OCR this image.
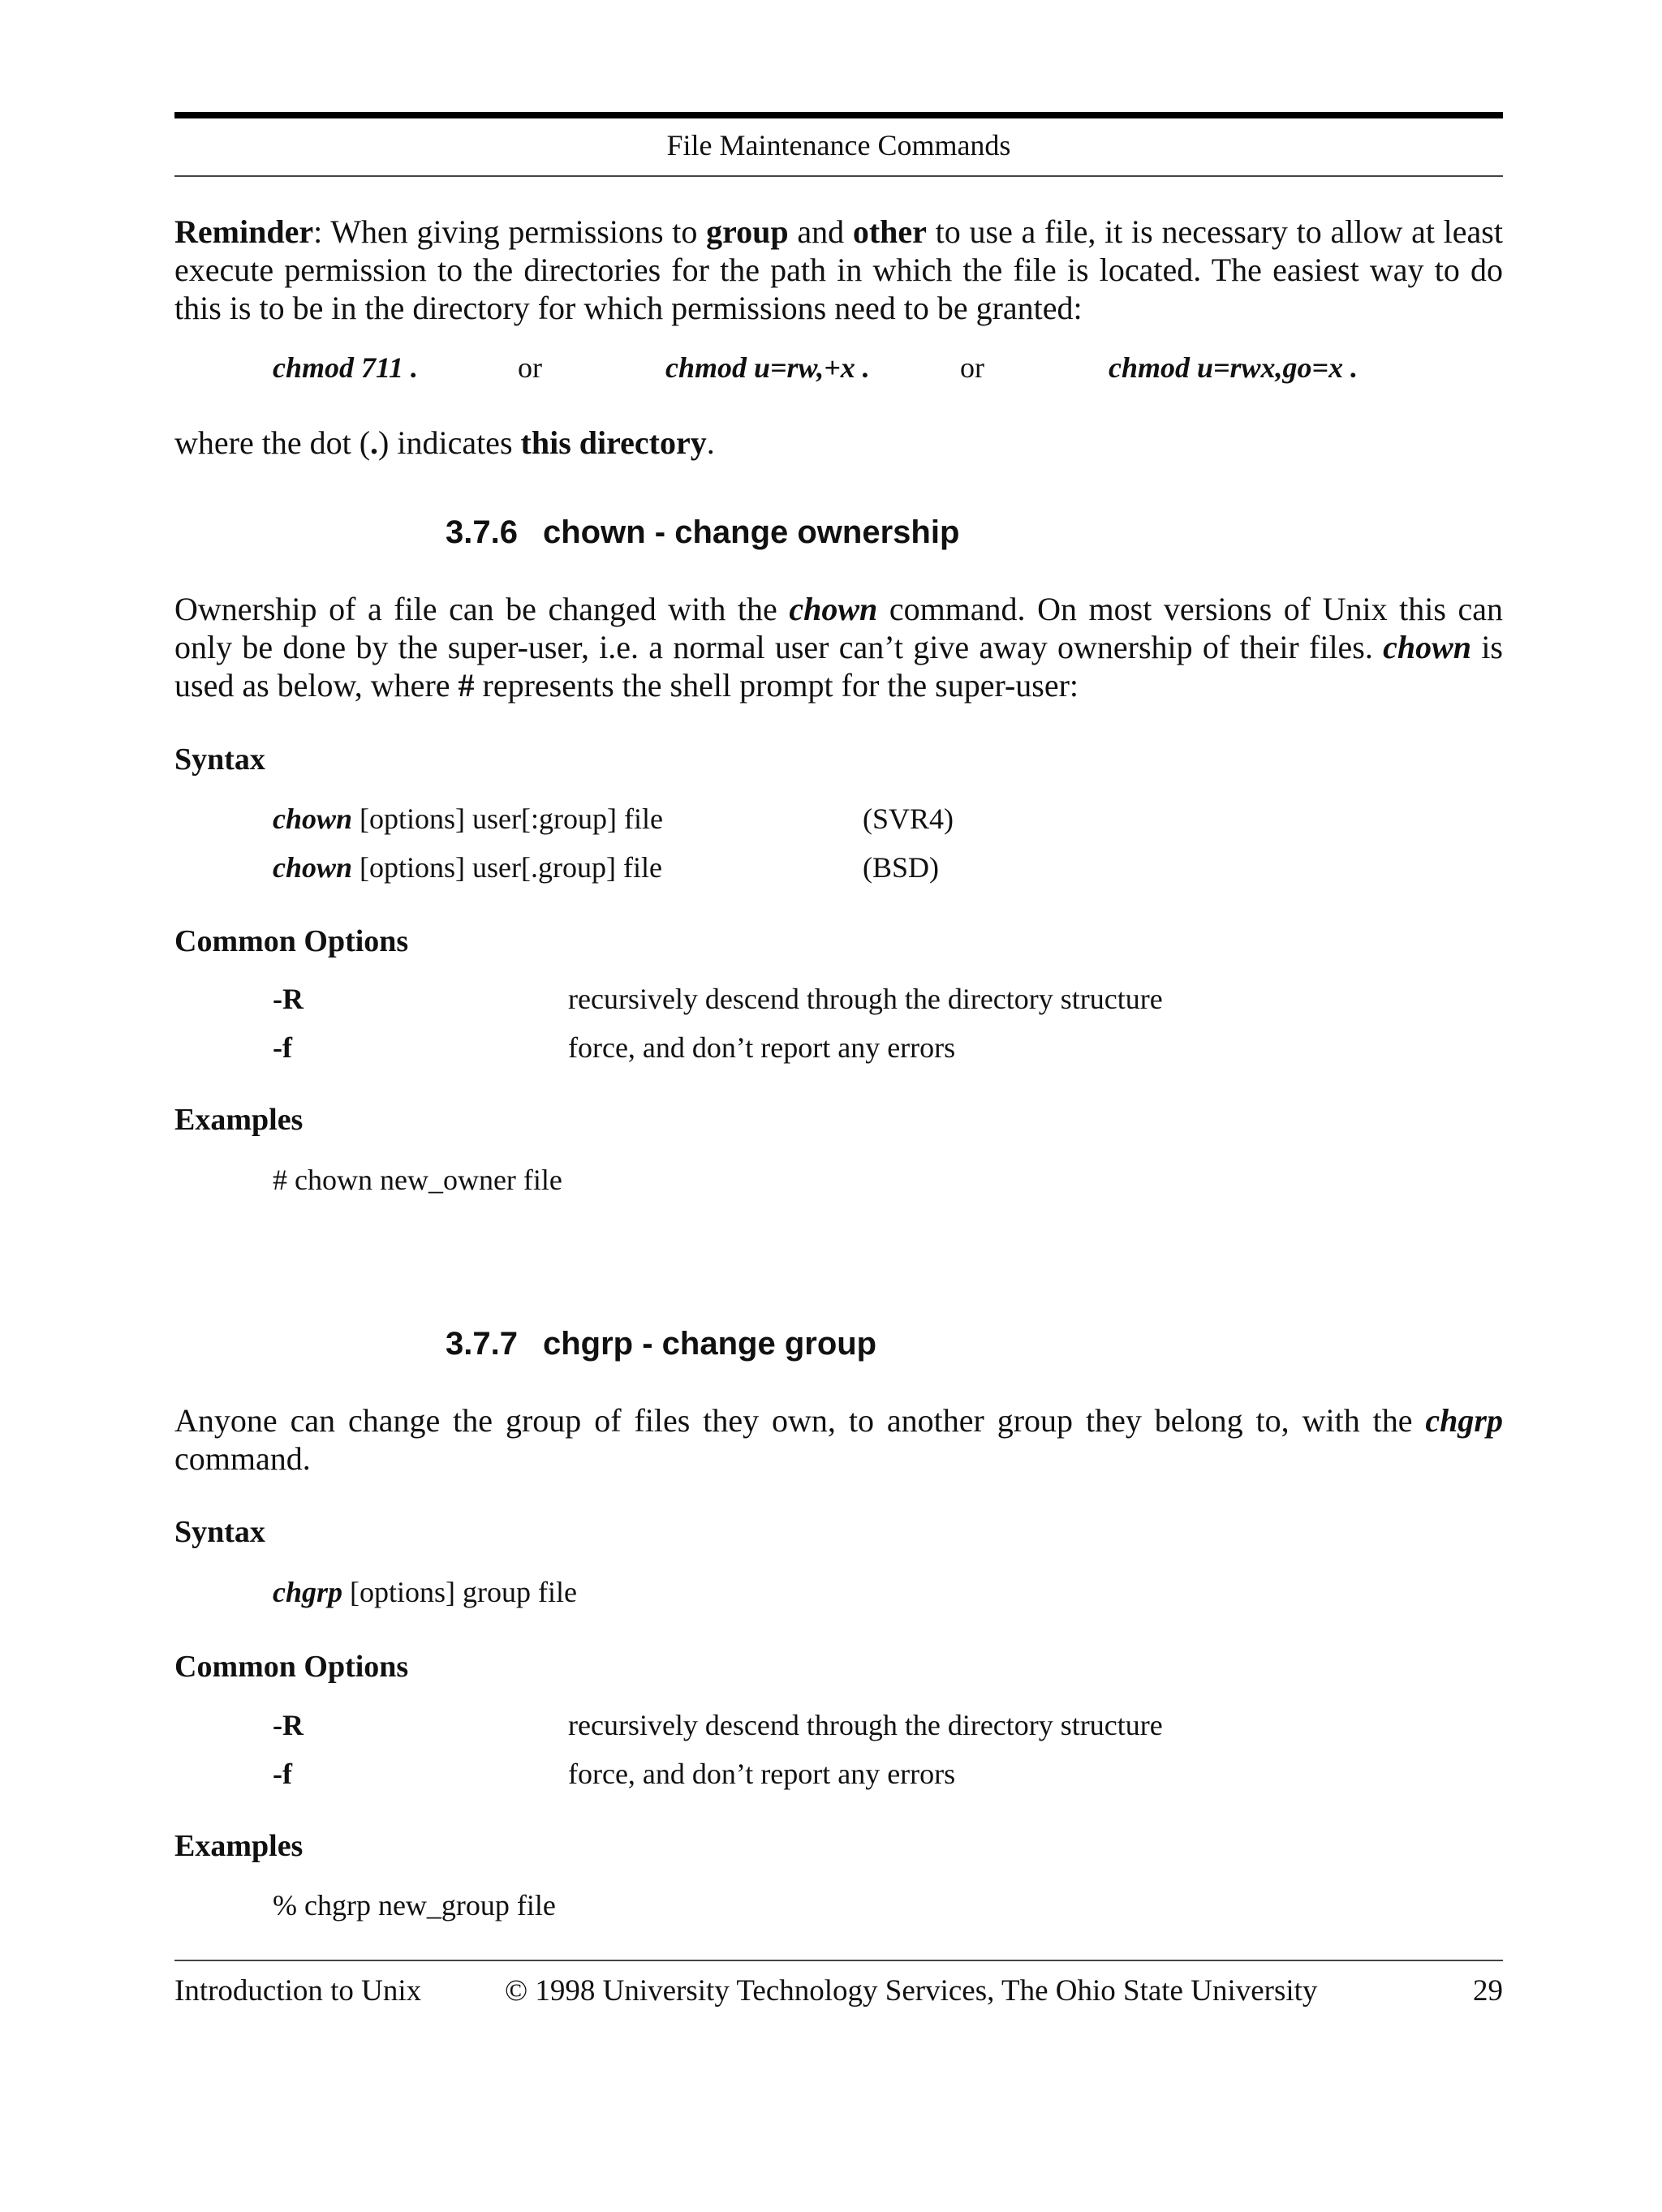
File Maintenance Commands
Reminder: When giving permissions to group and other to use a file, it is necessary to allow at least
execute permission to the directories for the path in which the file is located. The easiest way to do
this is to be in the directory for which permissions need to be granted:
chmod 711 .	or	chmod u=rw,+x .	or	chmod u=rwx,go=x .
where the dot (.) indicates this directory.
3.7.6 chown - change ownership
Ownership of a file can be changed with the chown command. On most versions of Unix this can
only be done by the super-user, i.e. a normal user can’t give away ownership of their files. chown is
used as below, where # represents the shell prompt for the super-user:
Syntax
chown [options] user[:group] file	(SVR4)
chown [options] user[.group] file	(BSD)
Common Options
-R	recursively descend through the directory structure
-f	force, and don’t report any errors
Examples
# chown new_owner file
3.7.7 chgrp - change group
Anyone can change the group of files they own, to another group they belong to, with the chgrp
command.
Syntax
chgrp [options] group file
Common Options
-R	recursively descend through the directory structure
-f	force, and don’t report any errors
Examples
% chgrp new_group file
Introduction to Unix	© 1998 University Technology Services, The Ohio State University	29
